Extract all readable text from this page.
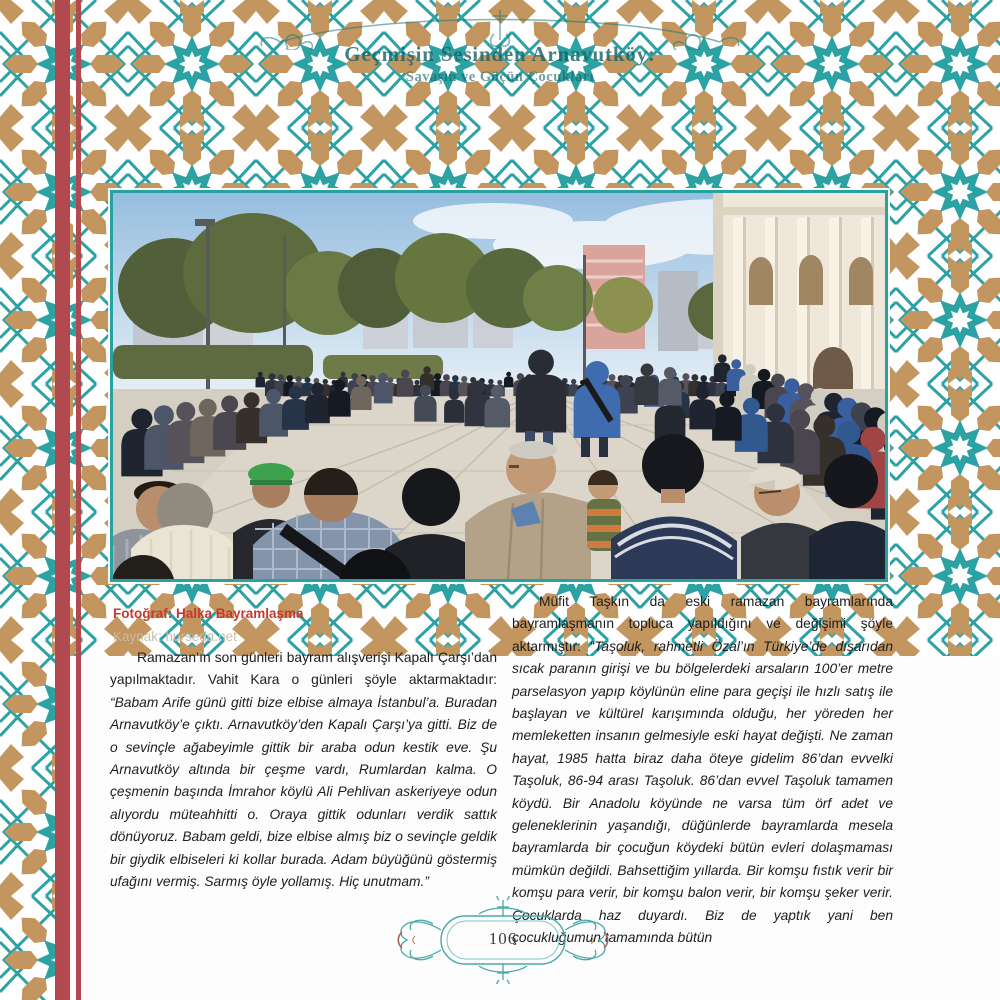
Geçmişin Sesinden Arnavutköy:
Savaşın ve Göçün Çocukları
Fotoğraf: Halka Bayramlaşma
Kaynak: hurseda.net

Ramazan’ın son günleri bayram alışverişi Kapalı Çarşı’dan yapılmaktadır. Vahit Kara o günleri şöyle aktarmaktadır: “Babam Arife günü gitti bize elbise almaya İstanbul’a. Buradan Arnavutköy’e çıktı. Arnavutköy’den Kapalı Çarşı’ya gitti. Biz de o sevinçle ağabeyimle gittik bir araba odun kestik eve. Şu Arnavutköy altında bir çeşme vardı, Rumlardan kalma. O çeşmenin başında İmrahor köylü Ali Pehlivan askeriyeye odun alıyordu müteahhitti o. Oraya gittik odunları verdik sattık dönüyoruz. Babam geldi, bize elbise almış biz o sevinçle geldik bir giydik elbiseleri ki kollar burada. Adam büyüğünü göstermiş ufağını vermiş. Sarmış öyle yollamış. Hiç unutmam.”

Müfit Taşkın da eski ramazan bayramlarında bayramlaşmanın topluca yapıldığını ve değişimi şöyle aktarmıştır: “Taşoluk, rahmetli Özal’ın Türkiye’de dışarıdan sıcak paranın girişi ve bu bölgelerdeki arsaların 100’er metre parselasyon yapıp köylünün eline para geçişi ile hızlı satış ile başlayan ve kültürel karışımında olduğu, her yöreden her memleketten insanın gelmesiyle eski hayat değişti. Ne zaman hayat, 1985 hatta biraz daha öteye gidelim 86’dan evvelki Taşoluk, 86-94 arası Taşoluk. 86’dan evvel Taşoluk tamamen köydü. Bir Anadolu köyünde ne varsa tüm örf adet ve geleneklerinin yaşandığı, düğünlerde bayramlarda mesela bayramlarda bir çocuğun köydeki bütün evleri dolaşmaması mümkün değildi. Bahsettiğim yıllarda. Bir komşu fıstık verir bir komşu para verir, bir komşu balon verir, bir komşu şeker verir. Çocuklarda haz duyardı. Biz de yaptık yani ben çocukluğumun tamamında bütün

106
